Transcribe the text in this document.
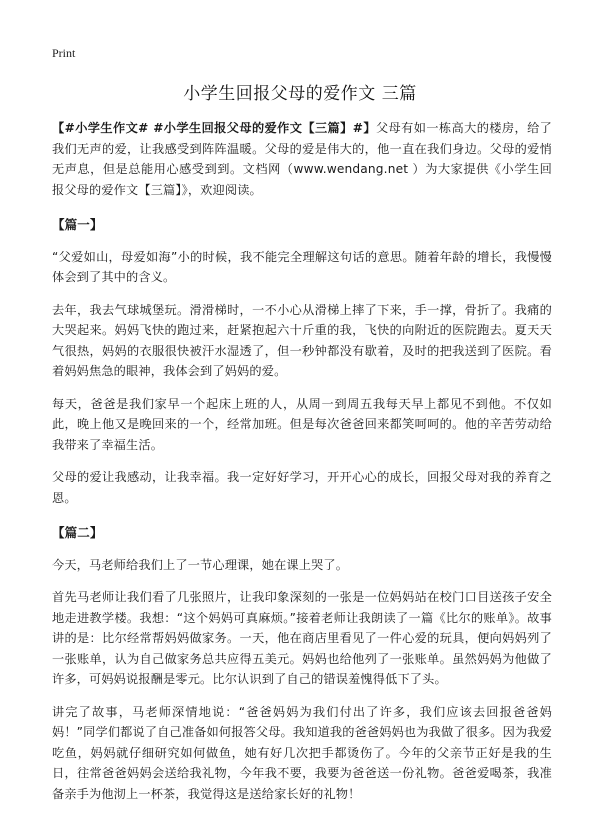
Print
小学生回报父母的爱作文 三篇

【#小学生作文# #小学生回报父母的爱作文【三篇】#】父母有如一栋高大的楼房，给了我们无声的爱，让我感受到阵阵温暖。父母的爱是伟大的，他一直在我们身边。父母的爱悄无声息，但是总能用心感受到到。文档网（www.wendang.net ）为大家提供《小学生回报父母的爱作文【三篇】》，欢迎阅读。

【篇一】

“父爱如山，母爱如海”小的时候，我不能完全理解这句话的意思。随着年龄的增长，我慢慢体会到了其中的含义。

去年，我去气球城堡玩。滑滑梯时，一不小心从滑梯上摔了下来，手一撑，骨折了。我痛的大哭起来。妈妈飞快的跑过来，赶紧抱起六十斤重的我，飞快的向附近的医院跑去。夏天天气很热，妈妈的衣服很快被汗水湿透了，但一秒钟都没有歇着，及时的把我送到了医院。看着妈妈焦急的眼神，我体会到了妈妈的爱。

每天，爸爸是我们家早一个起床上班的人，从周一到周五我每天早上都见不到他。不仅如此，晚上他又是晚回来的一个，经常加班。但是每次爸爸回来都笑呵呵的。他的辛苦劳动给我带来了幸福生活。

父母的爱让我感动，让我幸福。我一定好好学习，开开心心的成长，回报父母对我的养育之恩。

【篇二】

今天，马老师给我们上了一节心理课，她在课上哭了。

首先马老师让我们看了几张照片，让我印象深刻的一张是一位妈妈站在校门口目送孩子安全地走进教学楼。我想：“这个妈妈可真麻烦。”接着老师让我朗读了一篇《比尔的账单》。故事讲的是：比尔经常帮妈妈做家务。一天，他在商店里看见了一件心爱的玩具，便向妈妈列了一张账单，认为自己做家务总共应得五美元。妈妈也给他列了一张账单。虽然妈妈为他做了许多，可妈妈说报酬是零元。比尔认识到了自己的错误羞愧得低下了头。

讲完了故事，马老师深情地说：“爸爸妈妈为我们付出了许多，我们应该去回报爸爸妈妈！”同学们都说了自己准备如何报答父母。我知道我的爸爸妈妈也为我做了很多。因为我爱吃鱼，妈妈就仔细研究如何做鱼，她有好几次把手都烫伤了。今年的父亲节正好是我的生日，往常爸爸妈妈会送给我礼物，今年我不要，我要为爸爸送一份礼物。爸爸爱喝茶，我准备亲手为他沏上一杯茶，我觉得这是送给家长好的礼物！
